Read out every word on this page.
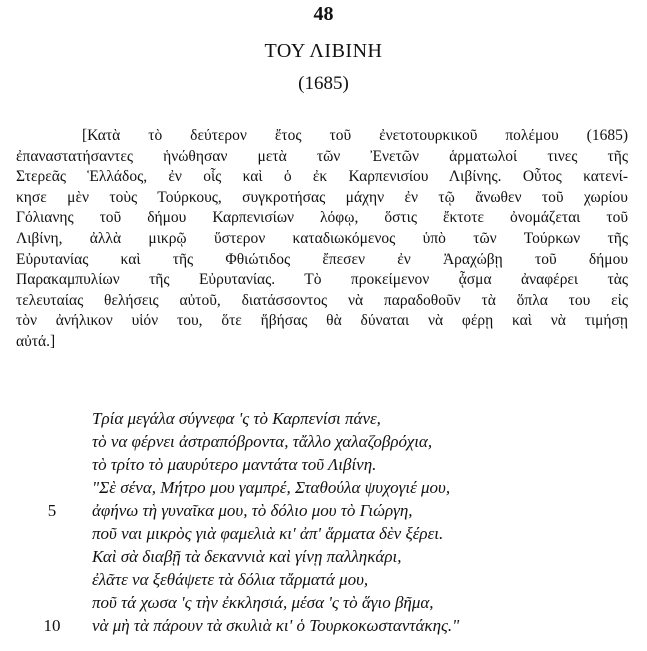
48
ΤΟΥ ΛΙΒΙΝΗ
(1685)
[Κατὰ τὸ δεύτερον ἔτος τοῦ ἐνετοτουρκικοῦ πολέμου (1685)
ἐπαναστατήσαντες ἡνώθησαν μετὰ τῶν Ἐνετῶν ἁρματωλοί τινες τῆς
Στερεᾶς Ἑλλάδος, ἐν οἷς καὶ ὁ ἐκ Καρπενισίου Λιβίνης. Οὗτος κατενί-
κησε μὲν τοὺς Τούρκους, συγκροτήσας μάχην ἐν τῷ ἄνωθεν τοῦ χωρίου
Γόλιανης τοῦ δήμου Καρπενισίων λόφῳ, ὅστις ἔκτοτε ὀνομάζεται τοῦ
Λιβίνη, ἀλλὰ μικρῷ ὕστερον καταδιωκόμενος ὑπὸ τῶν Τούρκων τῆς
Εὐρυτανίας καὶ τῆς Φθιώτιδος ἔπεσεν ἐν Ἀραχώβῃ τοῦ δήμου
Παρακαμπυλίων τῆς Εὐρυτανίας. Τὸ προκείμενον ᾆσμα ἀναφέρει τὰς
τελευταίας θελήσεις αὐτοῦ, διατάσσοντος νὰ παραδοθοῦν τὰ ὅπλα του εἰς
τὸν ἀνήλικον υἱόν του, ὅτε ἥβήσας θὰ δύναται νὰ φέρῃ καὶ νὰ τιμήσῃ
αὐτά.]
Τρία μεγάλα σύγνεφα 'ς τὸ Καρπενίσι πάνε,
τὸ να φέρνει ἀστραπόβροντα, τἄλλο χαλαζοβρόχια,
τὸ τρίτο τὸ μαυρύτερο μαντάτα τοῦ Λιβίνη.
"Σὲ σένα, Μήτρο μου γαμπρέ, Σταθούλα ψυχογιέ μου,
5	ἀφήνω τὴ γυναῖκα μου, τὸ δόλιο μου τὸ Γιώργη,
ποῦ ναι μικρὸς γιὰ φαμελιὰ κι' ἀπ' ἅρματα δὲν ξέρει.
Καὶ σὰ διαβῇ τὰ δεκαννιὰ καὶ γίνῃ παλληκάρι,
ἐλᾶτε να ξεθάψετε τὰ δόλια τἄρματά μου,
ποῦ τά χωσα 'ς τὴν ἐκκλησιά, μέσα 'ς τὸ ἅγιο βῆμα,
10 νὰ μὴ τὰ πάρουν τὰ σκυλιὰ κι' ὁ Τουρκοκωσταντάκης."
